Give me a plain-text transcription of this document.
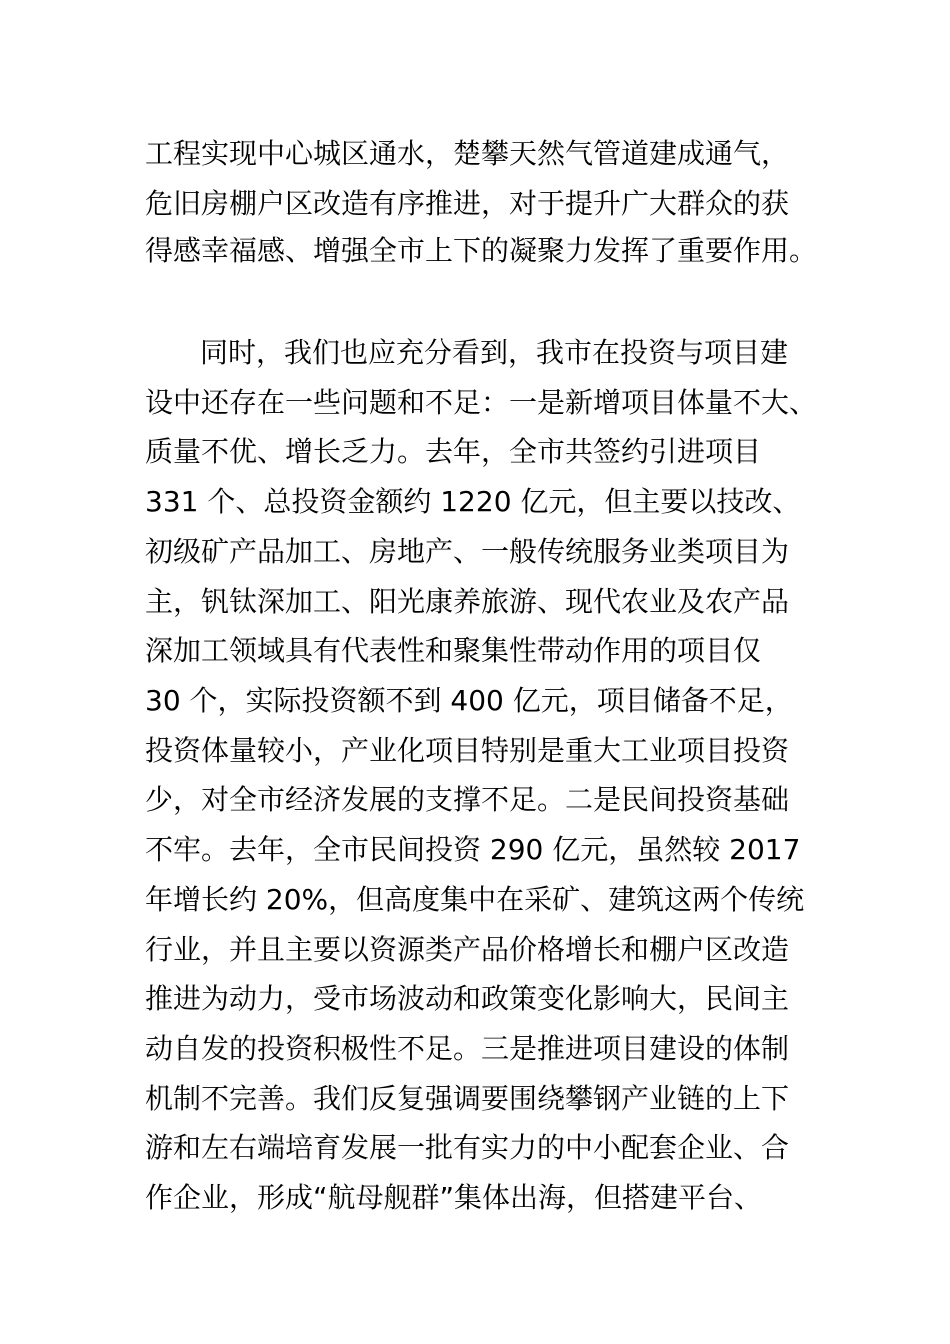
工程实现中心城区通水，楚攀天然气管道建成通气，
危旧房棚户区改造有序推进，对于提升广大群众的获
得感幸福感、增强全市上下的凝聚力发挥了重要作用。
同时，我们也应充分看到，我市在投资与项目建
设中还存在一些问题和不足：一是新增项目体量不大、
质量不优、增长乏力。去年，全市共签约引进项目
331 个、总投资金额约 1220 亿元，但主要以技改、
初级矿产品加工、房地产、一般传统服务业类项目为
主，钒钛深加工、阳光康养旅游、现代农业及农产品
深加工领域具有代表性和聚集性带动作用的项目仅
30 个，实际投资额不到 400 亿元，项目储备不足，
投资体量较小，产业化项目特别是重大工业项目投资
少，对全市经济发展的支撑不足。二是民间投资基础
不牢。去年，全市民间投资 290 亿元，虽然较 2017
年增长约 20%，但高度集中在采矿、建筑这两个传统
行业，并且主要以资源类产品价格增长和棚户区改造
推进为动力，受市场波动和政策变化影响大，民间主
动自发的投资积极性不足。三是推进项目建设的体制
机制不完善。我们反复强调要围绕攀钢产业链的上下
游和左右端培育发展一批有实力的中小配套企业、合
作企业，形成“航母舰群”集体出海，但搭建平台、
